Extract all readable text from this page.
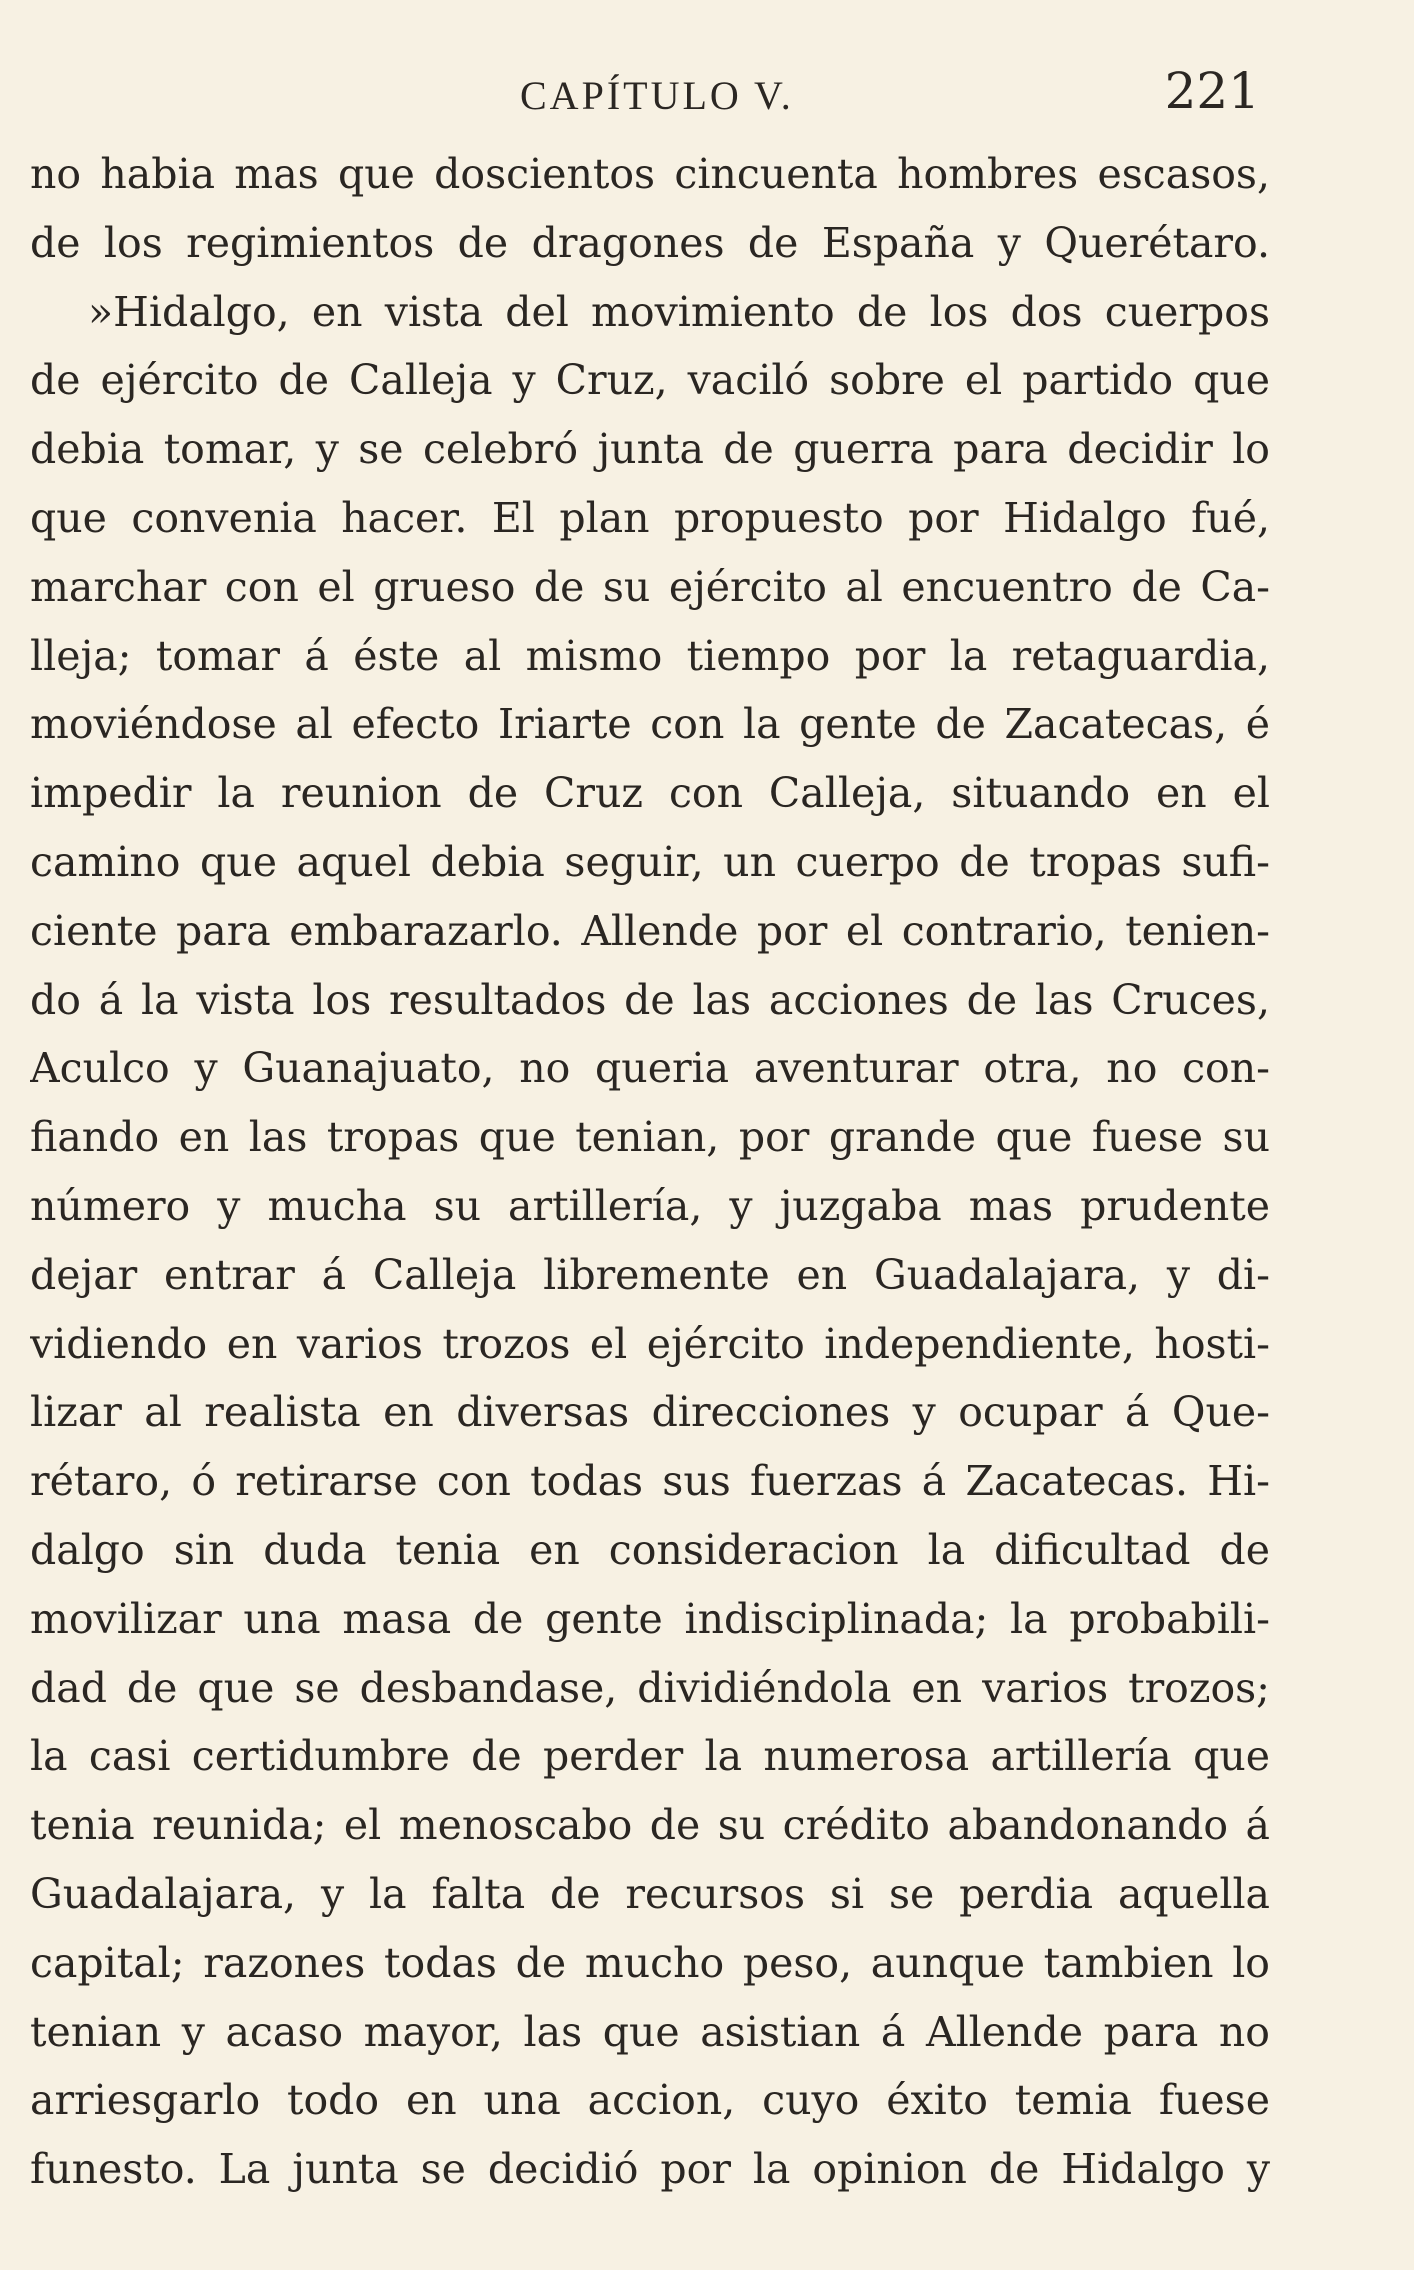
CAPÍTULO V.	221
no habia mas que doscientos cincuenta hombres escasos,
de los regimientos de dragones de España y Querétaro.
»Hidalgo, en vista del movimiento de los dos cuerpos
de ejército de Calleja y Cruz, vaciló sobre el partido que
debia tomar, y se celebró junta de guerra para decidir lo
que convenia hacer. El plan propuesto por Hidalgo fué,
marchar con el grueso de su ejército al encuentro de Ca-
lleja; tomar á éste al mismo tiempo por la retaguardia,
moviéndose al efecto Iriarte con la gente de Zacatecas, é
impedir la reunion de Cruz con Calleja, situando en el
camino que aquel debia seguir, un cuerpo de tropas sufi-
ciente para embarazarlo. Allende por el contrario, tenien-
do á la vista los resultados de las acciones de las Cruces,
Aculco y Guanajuato, no queria aventurar otra, no con-
fiando en las tropas que tenian, por grande que fuese su
número y mucha su artillería, y juzgaba mas prudente
dejar entrar á Calleja libremente en Guadalajara, y di-
vidiendo en varios trozos el ejército independiente, hosti-
lizar al realista en diversas direcciones y ocupar á Que-
rétaro, ó retirarse con todas sus fuerzas á Zacatecas. Hi-
dalgo sin duda tenia en consideracion la dificultad de
movilizar una masa de gente indisciplinada; la probabili-
dad de que se desbandase, dividiéndola en varios trozos;
la casi certidumbre de perder la numerosa artillería que
tenia reunida; el menoscabo de su crédito abandonando á
Guadalajara, y la falta de recursos si se perdia aquella
capital; razones todas de mucho peso, aunque tambien lo
tenian y acaso mayor, las que asistian á Allende para no
arriesgarlo todo en una accion, cuyo éxito temia fuese
funesto. La junta se decidió por la opinion de Hidalgo y
